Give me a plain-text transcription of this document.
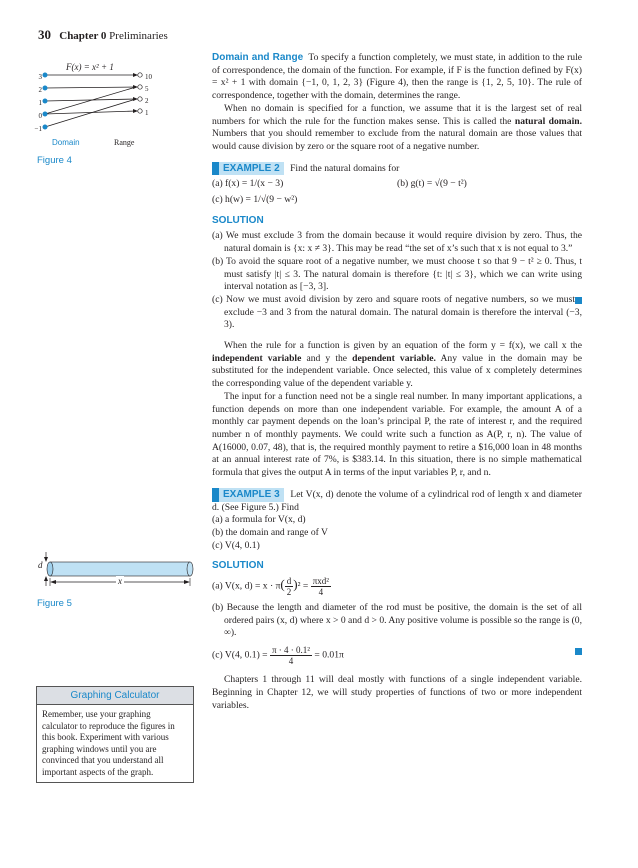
30 Chapter 0 Preliminaries
F(x) = x² + 1
3
2
1
0
−1
10
5
2
1
Domain	Range
Figure 4
d
x
Figure 5
Graphing Calculator
Remember, use your graphing calculator to reproduce the figures in this book. Experiment with various graphing windows until you are convinced that you understand all important aspects of the graph.

Domain and Range To specify a function completely, we must state, in addition to the rule of correspondence, the domain of the function. For example, if F is the function defined by F(x) = x² + 1 with domain {−1, 0, 1, 2, 3} (Figure 4), then the range is {1, 2, 5, 10}. The rule of correspondence, together with the domain, determines the range.

When no domain is specified for a function, we assume that it is the largest set of real numbers for which the rule for the function makes sense. This is called the natural domain. Numbers that you should remember to exclude from the natural domain are those values that would cause division by zero or the square root of a negative number.

EXAMPLE 2 Find the natural domains for

(a) f(x) = 1/(x − 3)	(b) g(t) = √(9 − t²)

(c) h(w) = 1/√(9 − w²)

SOLUTION

(a) We must exclude 3 from the domain because it would require division by zero. Thus, the natural domain is {x: x ≠ 3}. This may be read “the set of x’s such that x is not equal to 3.”

(b) To avoid the square root of a negative number, we must choose t so that 9 − t² ≥ 0. Thus, t must satisfy |t| ≤ 3. The natural domain is therefore {t: |t| ≤ 3}, which we can write using interval notation as [−3, 3].

(c) Now we must avoid division by zero and square roots of negative numbers, so we must exclude −3 and 3 from the natural domain. The natural domain is therefore the interval (−3, 3).

When the rule for a function is given by an equation of the form y = f(x), we call x the independent variable and y the dependent variable. Any value in the domain may be substituted for the independent variable. Once selected, this value of x completely determines the corresponding value of the dependent variable y.

The input for a function need not be a single real number. In many important applications, a function depends on more than one independent variable. For example, the amount A of a monthly car payment depends on the loan’s principal P, the rate of interest r, and the required number n of monthly payments. We could write such a function as A(P, r, n). The value of A(16000, 0.07, 48), that is, the required monthly payment to retire a $16,000 loan in 48 months at an annual interest rate of 7%, is $383.14. In this situation, there is no simple mathematical formula that gives the output A in terms of the input variables P, r, and n.

EXAMPLE 3 Let V(x, d) denote the volume of a cylindrical rod of length x and diameter d. (See Figure 5.) Find

(a) a formula for V(x, d)

(b) the domain and range of V

(c) V(4, 0.1)

SOLUTION

(a) V(x, $d) = x \cdot \pi( \frac{d}{2} )^2 = \frac{\text{πxd²}}{4}$

(b) Because the length and diameter of the rod must be positive, the domain is the set of all ordered pairs (x, d) where x > 0 and d > 0. Any positive volume is possible so the range is (0, ∞).

(c) V(4, $0.1) = \frac{\text{π · 4 · 0.1²}}{4} = 0.01\pi$

Chapters 1 through 11 will deal mostly with functions of a single independent variable. Beginning in Chapter 12, we will study properties of functions of two or more independent variables.
